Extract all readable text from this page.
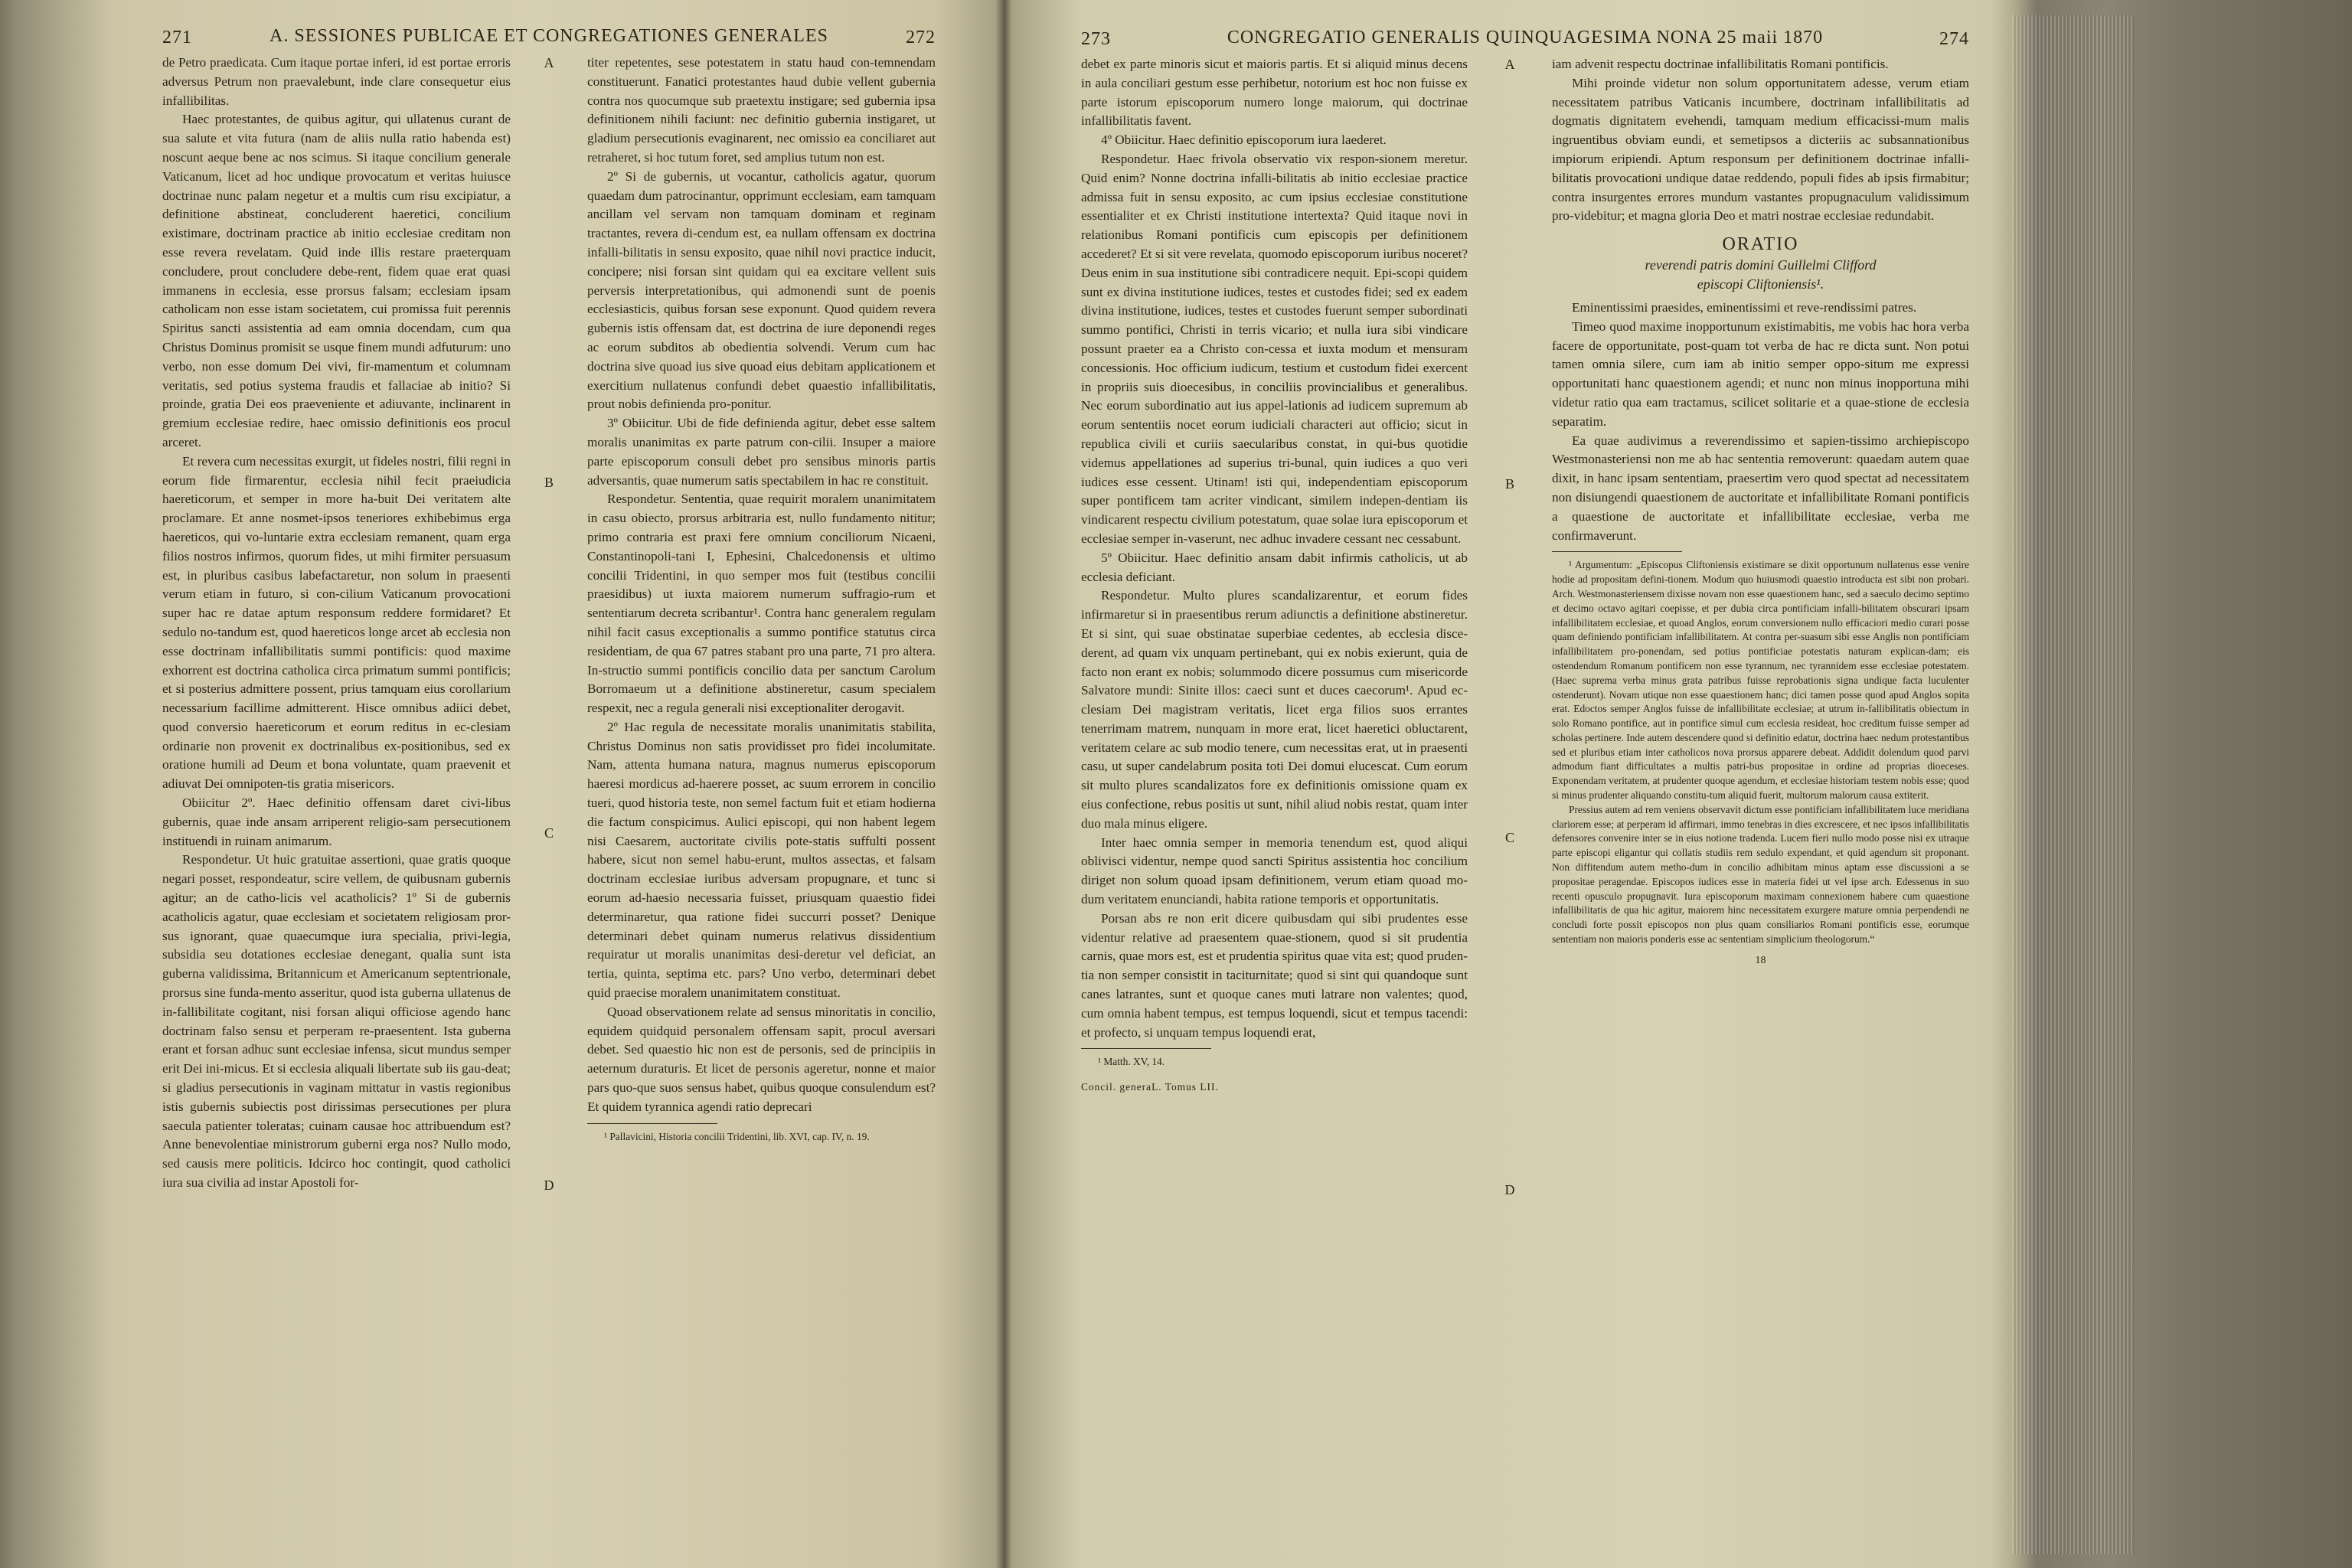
271	A. SESSIONES PUBLICAE ET CONGREGATIONES GENERALES	272

de Petro praedicata. Cum itaque portae inferi, id est portae erroris adversus Petrum non praevalebunt, inde clare consequetur eius infallibilitas.

Haec protestantes, de quibus agitur, qui ullatenus curant de sua salute et vita futura (nam de aliis nulla ratio habenda est) noscunt aeque bene ac nos scimus. Si itaque concilium generale Vaticanum, licet ad hoc undique provocatum et veritas huiusce doctrinae nunc palam negetur et a multis cum risu excipiatur, a definitione abstineat, concluderent haeretici, concilium existimare, doctrinam practice ab initio ecclesiae creditam non esse revera revelatam. Quid inde illis restare praeterquam concludere, prout concludere debe-rent, fidem quae erat quasi immanens in ecclesia, esse prorsus falsam; ecclesiam ipsam catholicam non esse istam societatem, cui promissa fuit perennis Spiritus sancti assistentia ad eam omnia docendam, cum qua Christus Dominus promisit se usque finem mundi adfuturum: uno verbo, non esse domum Dei vivi, fir-mamentum et columnam veritatis, sed potius systema fraudis et fallaciae ab initio? Si proinde, gratia Dei eos praeveniente et adiuvante, inclinarent in gremium ecclesiae redire, haec omissio definitionis eos procul arceret.

Et revera cum necessitas exurgit, ut fideles nostri, filii regni in eorum fide firmarentur, ecclesia nihil fecit praeiudicia haereticorum, et semper in more ha-buit Dei veritatem alte proclamare. Et anne nosmet-ipsos teneriores exhibebimus erga haereticos, qui vo-luntarie extra ecclesiam remanent, quam erga filios nostros infirmos, quorum fides, ut mihi firmiter persuasum est, in pluribus casibus labefactaretur, non solum in praesenti verum etiam in futuro, si con-cilium Vaticanum provocationi super hac re datae aptum responsum reddere formidaret? Et sedulo no-tandum est, quod haereticos longe arcet ab ecclesia non esse doctrinam infallibilitatis summi pontificis: quod maxime exhorrent est doctrina catholica circa primatum summi pontificis; et si posterius admittere possent, prius tamquam eius corollarium necessarium facillime admitterent. Hisce omnibus adiici debet, quod conversio haereticorum et eorum reditus in ec-clesiam ordinarie non provenit ex doctrinalibus ex-positionibus, sed ex oratione humili ad Deum et bona voluntate, quam praevenit et adiuvat Dei omnipoten-tis gratia misericors.

Obiicitur 2º. Haec definitio offensam daret civi-libus gubernis, quae inde ansam arriperent religio-sam persecutionem instituendi in ruinam animarum.

Respondetur. Ut huic gratuitae assertioni, quae gratis quoque negari posset, respondeatur, scire vellem, de quibusnam gubernis agitur; an de catho-licis vel acatholicis? 1º Si de gubernis acatholicis agatur, quae ecclesiam et societatem religiosam pror-sus ignorant, quae quaecumque iura specialia, privi-legia, subsidia seu dotationes ecclesiae denegant, qualia sunt ista guberna validissima, Britannicum et Americanum septentrionale, prorsus sine funda-mento asseritur, quod ista guberna ullatenus de in-fallibilitate cogitant, nisi forsan aliqui officiose agendo hanc doctrinam falso sensu et perperam re-praesentent. Ista guberna erant et forsan adhuc sunt ecclesiae infensa, sicut mundus semper erit Dei ini-micus. Et si ecclesia aliquali libertate sub iis gau-deat; si gladius persecutionis in vaginam mittatur in vastis regionibus istis gubernis subiectis post dirissimas persecutiones per plura saecula patienter toleratas; cuinam causae hoc attribuendum est? Anne benevolentiae ministrorum guberni erga nos? Nullo modo, sed causis mere politicis. Idcirco hoc contingit, quod catholici iura sua civilia ad instar Apostoli for-

A
B
C
D

titer repetentes, sese potestatem in statu haud con-temnendam constituerunt. Fanatici protestantes haud dubie vellent gubernia contra nos quocumque sub praetextu instigare; sed gubernia ipsa definitionem nihili faciunt: nec definitio gubernia instigaret, ut gladium persecutionis evaginarent, nec omissio ea conciliaret aut retraheret, si hoc tutum foret, sed amplius tutum non est.

2º Si de gubernis, ut vocantur, catholicis agatur, quorum quaedam dum patrocinantur, opprimunt ecclesiam, eam tamquam ancillam vel servam non tamquam dominam et reginam tractantes, revera di-cendum est, ea nullam offensam ex doctrina infalli-bilitatis in sensu exposito, quae nihil novi practice inducit, concipere; nisi forsan sint quidam qui ea excitare vellent suis perversis interpretationibus, qui admonendi sunt de poenis ecclesiasticis, quibus forsan sese exponunt. Quod quidem revera gubernis istis offensam dat, est doctrina de iure deponendi reges ac eorum subditos ab obedientia solvendi. Verum cum hac doctrina sive quoad ius sive quoad eius debitam applicationem et exercitium nullatenus confundi debet quaestio infallibilitatis, prout nobis definienda pro-ponitur.

3º Obiicitur. Ubi de fide definienda agitur, debet esse saltem moralis unanimitas ex parte patrum con-cilii. Insuper a maiore parte episcoporum consuli debet pro sensibus minoris partis adversantis, quae numerum satis spectabilem in hac re constituit.

Respondetur. Sententia, quae requirit moralem unanimitatem in casu obiecto, prorsus arbitraria est, nullo fundamento nititur; primo contraria est praxi fere omnium conciliorum Nicaeni, Constantinopoli-tani I, Ephesini, Chalcedonensis et ultimo concilii Tridentini, in quo semper mos fuit (testibus concilii praesidibus) ut iuxta maiorem numerum suffragio-rum et sententiarum decreta scribantur¹. Contra hanc generalem regulam nihil facit casus exceptionalis a summo pontifice statutus circa residentiam, de qua 67 patres stabant pro una parte, 71 pro altera. In-structio summi pontificis concilio data per sanctum Carolum Borromaeum ut a definitione abstineretur, casum specialem respexit, nec a regula generali nisi exceptionaliter derogavit.

2º Hac regula de necessitate moralis unanimitatis stabilita, Christus Dominus non satis providisset pro fidei incolumitate. Nam, attenta humana natura, magnus numerus episcoporum haeresi mordicus ad-haerere posset, ac suum errorem in concilio tueri, quod historia teste, non semel factum fuit et etiam hodierna die factum conspicimus. Aulici episcopi, qui non habent legem nisi Caesarem, auctoritate civilis pote-statis suffulti possent habere, sicut non semel habu-erunt, multos assectas, et falsam doctrinam ecclesiae iuribus adversam propugnare, et tunc si eorum ad-haesio necessaria fuisset, priusquam quaestio fidei determinaretur, qua ratione fidei succurri posset? Denique determinari debet quinam numerus relativus dissidentium requiratur ut moralis unanimitas desi-deretur vel deficiat, an tertia, quinta, septima etc. pars? Uno verbo, determinari debet quid praecise moralem unanimitatem constituat.

Quoad observationem relate ad sensus minoritatis in concilio, equidem quidquid personalem offensam sapit, procul aversari debet. Sed quaestio hic non est de personis, sed de principiis in aeternum duraturis. Et licet de personis ageretur, nonne et maior pars quo-que suos sensus habet, quibus quoque consulendum est? Et quidem tyrannica agendi ratio deprecari

¹ Pallavicini, Historia concilii Tridentini, lib. XVI, cap. IV, n. 19.

273	CONGREGATIO GENERALIS QUINQUAGESIMA NONA 25 maii 1870	274

debet ex parte minoris sicut et maioris partis. Et si aliquid minus decens in aula conciliari gestum esse perhibetur, notorium est hoc non fuisse ex parte istorum episcoporum numero longe maiorum, qui doctrinae infallibilitatis favent.

4º Obiicitur. Haec definitio episcoporum iura laederet.

Respondetur. Haec frivola observatio vix respon-sionem meretur. Quid enim? Nonne doctrina infalli-bilitatis ab initio ecclesiae practice admissa fuit in sensu exposito, ac cum ipsius ecclesiae constitutione essentialiter et ex Christi institutione intertexta? Quid itaque novi in relationibus Romani pontificis cum episcopis per definitionem accederet? Et si sit vere revelata, quomodo episcoporum iuribus noceret? Deus enim in sua institutione sibi contradicere nequit. Epi-scopi quidem sunt ex divina institutione iudices, testes et custodes fidei; sed ex eadem divina institutione, iudices, testes et custodes fuerunt semper subordinati summo pontifici, Christi in terris vicario; et nulla iura sibi vindicare possunt praeter ea a Christo con-cessa et iuxta modum et mensuram concessionis. Hoc officium iudicum, testium et custodum fidei exercent in propriis suis dioecesibus, in conciliis provincialibus et generalibus. Nec eorum subordinatio aut ius appel-lationis ad iudicem supremum ab eorum sententiis nocet eorum iudiciali characteri aut officio; sicut in republica civili et curiis saecularibus constat, in qui-bus quotidie videmus appellationes ad superius tri-bunal, quin iudices a quo veri iudices esse cessent. Utinam! isti qui, independentiam episcoporum super pontificem tam acriter vindicant, similem indepen-dentiam iis vindicarent respectu civilium potestatum, quae solae iura episcoporum et ecclesiae semper in-vaserunt, nec adhuc invadere cessant nec cessabunt.

5º Obiicitur. Haec definitio ansam dabit infirmis catholicis, ut ab ecclesia deficiant.

Respondetur. Multo plures scandalizarentur, et eorum fides infirmaretur si in praesentibus rerum adiunctis a definitione abstineretur. Et si sint, qui suae obstinatae superbiae cedentes, ab ecclesia disce-derent, ad quam vix unquam pertinebant, qui ex nobis exierunt, quia de facto non erant ex nobis; solummodo dicere possumus cum misericorde Salvatore mundi: Sinite illos: caeci sunt et duces caecorum¹. Apud ec-clesiam Dei magistram veritatis, licet erga filios suos errantes tenerrimam matrem, nunquam in more erat, licet haeretici obluctarent, veritatem celare ac sub modio tenere, cum necessitas erat, ut in praesenti casu, ut super candelabrum posita toti Dei domui elucescat. Cum eorum sit multo plures scandalizatos fore ex definitionis omissione quam ex eius confectione, rebus positis ut sunt, nihil aliud nobis restat, quam inter duo mala minus eligere.

Inter haec omnia semper in memoria tenendum est, quod aliqui oblivisci videntur, nempe quod sancti Spiritus assistentia hoc concilium diriget non solum quoad ipsam definitionem, verum etiam quoad mo-dum veritatem enunciandi, habita ratione temporis et opportunitatis.

Porsan abs re non erit dicere quibusdam qui sibi prudentes esse videntur relative ad praesentem quae-stionem, quod si sit prudentia carnis, quae mors est, est et prudentia spiritus quae vita est; quod pruden-tia non semper consistit in taciturnitate; quod si sint qui quandoque sunt canes latrantes, sunt et quoque canes muti latrare non valentes; quod, cum omnia habent tempus, est tempus loquendi, sicut et tempus tacendi: et profecto, si unquam tempus loquendi erat,

¹ Matth. XV, 14.

Concil. generaL. Tomus LII.
A
B
C
D

iam advenit respectu doctrinae infallibilitatis Romani pontificis.

Mihi proinde videtur non solum opportunitatem adesse, verum etiam necessitatem patribus Vaticanis incumbere, doctrinam infallibilitatis ad dogmatis dignitatem evehendi, tamquam medium efficacissi-mum malis ingruentibus obviam eundi, et semetipsos a dicteriis ac subsannationibus impiorum eripiendi. Aptum responsum per definitionem doctrinae infalli-bilitatis provocationi undique datae reddendo, populi fides ab ipsis firmabitur; contra insurgentes errores mundum vastantes propugnaculum validissimum pro-videbitur; et magna gloria Deo et matri nostrae ecclesiae redundabit.

ORATIO
reverendi patris domini Guillelmi Clifford
episcopi Cliftoniensis¹.

Eminentissimi praesides, eminentissimi et reve-rendissimi patres.

Timeo quod maxime inopportunum existimabitis, me vobis hac hora verba facere de opportunitate, post-quam tot verba de hac re dicta sunt. Non potui tamen omnia silere, cum iam ab initio semper oppo-situm me expressi opportunitati hanc quaestionem agendi; et nunc non minus inopportuna mihi videtur ratio qua eam tractamus, scilicet solitarie et a quae-stione de ecclesia separatim.

Ea quae audivimus a reverendissimo et sapien-tissimo archiepiscopo Westmonasteriensi non me ab hac sententia removerunt: quaedam autem quae dixit, in hanc ipsam sententiam, praesertim vero quod spectat ad necessitatem non disiungendi quaestionem de auctoritate et infallibilitate Romani pontificis a quaestione de auctoritate et infallibilitate ecclesiae, verba me confirmaverunt.

¹ Argumentum: „Episcopus Cliftoniensis existimare se dixit opportunum nullatenus esse venire hodie ad propositam defini-tionem. Modum quo huiusmodi quaestio introducta est sibi non probari. Arch. Westmonasteriensem dixisse novam non esse quaestionem hanc, sed a saeculo decimo septimo et decimo octavo agitari coepisse, et per dubia circa pontificiam infalli-bilitatem obscurari ipsam infallibilitatem ecclesiae, et quoad Anglos, eorum conversionem nullo efficaciori medio curari posse quam definiendo pontificiam infallibilitatem. At contra per-suasum sibi esse Anglis non pontificiam infallibilitatem pro-ponendam, sed potius pontificiae potestatis naturam explican-dam; eis ostendendum Romanum pontificem non esse tyrannum, nec tyrannidem esse ecclesiae potestatem. (Haec suprema verba minus grata patribus fuisse reprobationis signa undique facta luculenter ostenderunt). Novam utique non esse quaestionem hanc; dici tamen posse quod apud Anglos sopita erat. Edoctos semper Anglos fuisse de infallibilitate ecclesiae; at utrum in-fallibilitatis obiectum in solo Romano pontifice, aut in pontifice simul cum ecclesia resideat, hoc creditum fuisse semper ad scholas pertinere. Inde autem descendere quod si definitio edatur, doctrina haec nedum protestantibus sed et pluribus etiam inter catholicos nova prorsus apparere debeat. Addidit dolendum quod parvi admodum fiant difficultates a multis patri-bus propositae in ordine ad proprias dioeceses. Exponendam veritatem, at prudenter quoque agendum, et ecclesiae historiam testem nobis esse; quod si minus prudenter aliquando constitu-tum aliquid fuerit, multorum malorum causa extiterit.

Pressius autem ad rem veniens observavit dictum esse pontificiam infallibilitatem luce meridiana clariorem esse; at perperam id affirmari, immo tenebras in dies excrescere, et nec ipsos infallibilitatis defensores convenire inter se in eius notione tradenda. Lucem fieri nullo modo posse nisi ex utraque parte episcopi eligantur qui collatis studiis rem sedulo expendant, et quid agendum sit proponant. Non diffitendum autem metho-dum in concilio adhibitam minus aptam esse discussioni a se propositae peragendae. Episcopos iudices esse in materia fidei ut vel ipse arch. Edessenus in suo recenti opusculo propugnavit. Iura episcoporum maximam connexionem habere cum quaestione infallibilitatis de qua hic agitur, maiorem hinc necessitatem exurgere mature omnia perpendendi ne concludi forte possit episcopos non plus quam consiliarios Romani pontificis esse, eorumque sententiam non maioris ponderis esse ac sententiam simplicium theologorum.“

18
